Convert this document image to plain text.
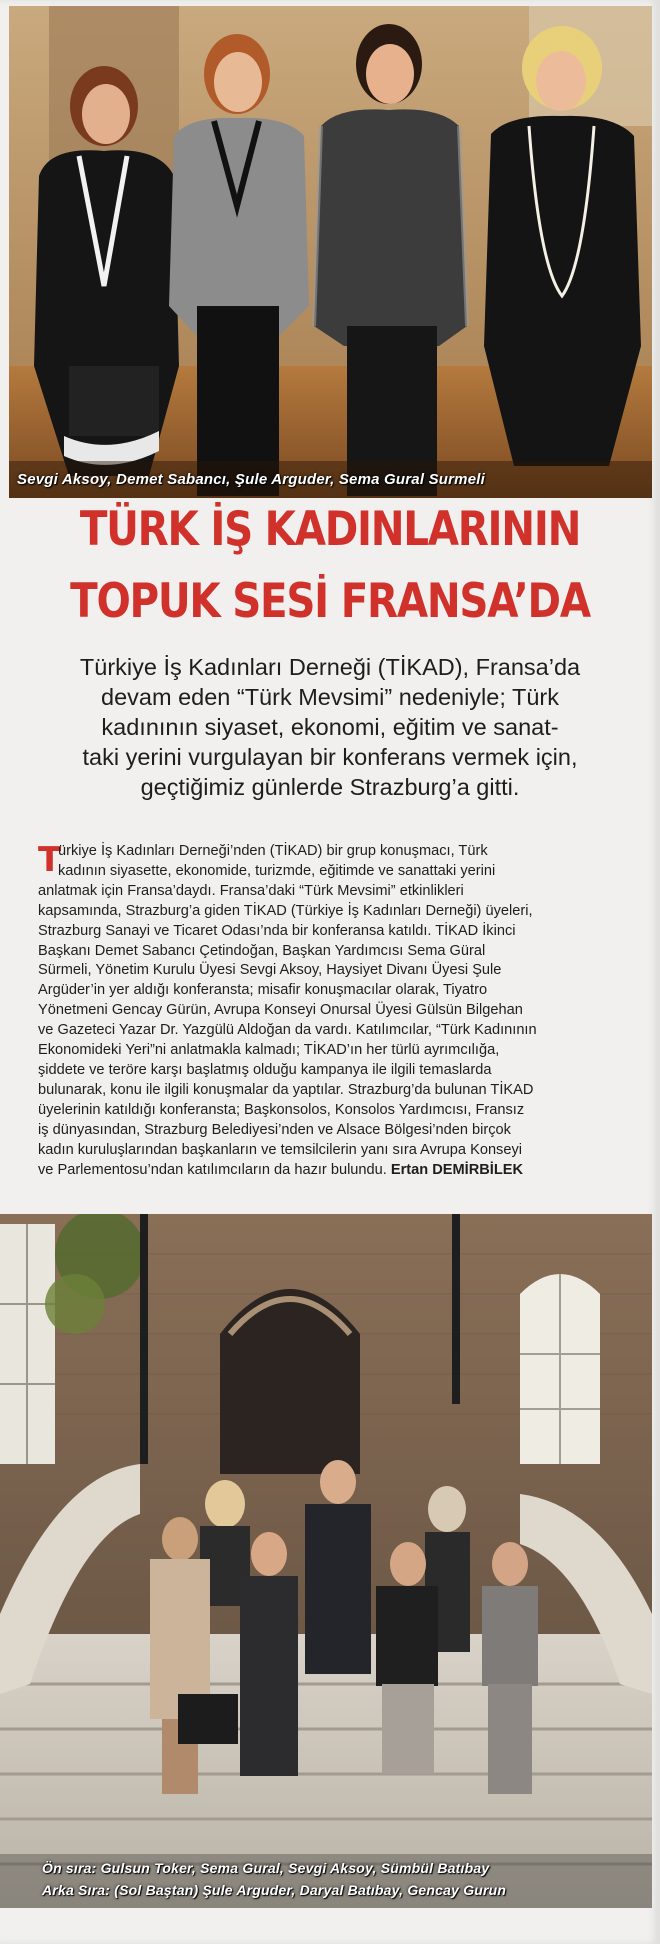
Sevgi Aksoy, Demet Sabancı, Şule Arguder, Sema Gural Surmeli
TÜRK İŞ KADINLARININ
TOPUK SESİ FRANSA’DA
Türkiye İş Kadınları Derneği (TİKAD), Fransa’da
devam eden “Türk Mevsimi” nedeniyle; Türk
kadınının siyaset, ekonomi, eğitim ve sanat-
taki yerini vurgulayan bir konferans vermek için,
geçtiğimiz günlerde Strazburg’a gitti.
T
ürkiye İş Kadınları Derneği’nden (TİKAD) bir grup konuşmacı, Türk
kadının siyasette, ekonomide, turizmde, eğitimde ve sanattaki yerini
anlatmak için Fransa’daydı. Fransa’daki “Türk Mevsimi” etkinlikleri
kapsamında, Strazburg’a giden TİKAD (Türkiye İş Kadınları Derneği) üyeleri,
Strazburg Sanayi ve Ticaret Odası’nda bir konferansa katıldı. TİKAD İkinci
Başkanı Demet Sabancı Çetindoğan, Başkan Yardımcısı Sema Güral
Sürmeli, Yönetim Kurulu Üyesi Sevgi Aksoy, Haysiyet Divanı Üyesi Şule
Argüder’in yer aldığı konferansta; misafir konuşmacılar olarak, Tiyatro
Yönetmeni Gencay Gürün, Avrupa Konseyi Onursal Üyesi Gülsün Bilgehan
ve Gazeteci Yazar Dr. Yazgülü Aldoğan da vardı. Katılımcılar, “Türk Kadınının
Ekonomideki Yeri”ni anlatmakla kalmadı; TİKAD’ın her türlü ayrımcılığa,
şiddete ve teröre karşı başlatmış olduğu kampanya ile ilgili temaslarda
bulunarak, konu ile ilgili konuşmalar da yaptılar. Strazburg’da bulunan TİKAD
üyelerinin katıldığı konferansta; Başkonsolos, Konsolos Yardımcısı, Fransız
iş dünyasından, Strazburg Belediyesi’nden ve Alsace Bölgesi’nden birçok
kadın kuruluşlarından başkanların ve temsilcilerin yanı sıra Avrupa Konseyi
ve Parlementosu’ndan katılımcıların da hazır bulundu. Ertan DEMİRBİLEK
Ön sıra: Gulsun Toker, Sema Gural, Sevgi Aksoy, Sümbül Batıbay
Arka Sıra: (Sol Baştan) Şule Arguder, Daryal Batıbay, Gencay Gurun
